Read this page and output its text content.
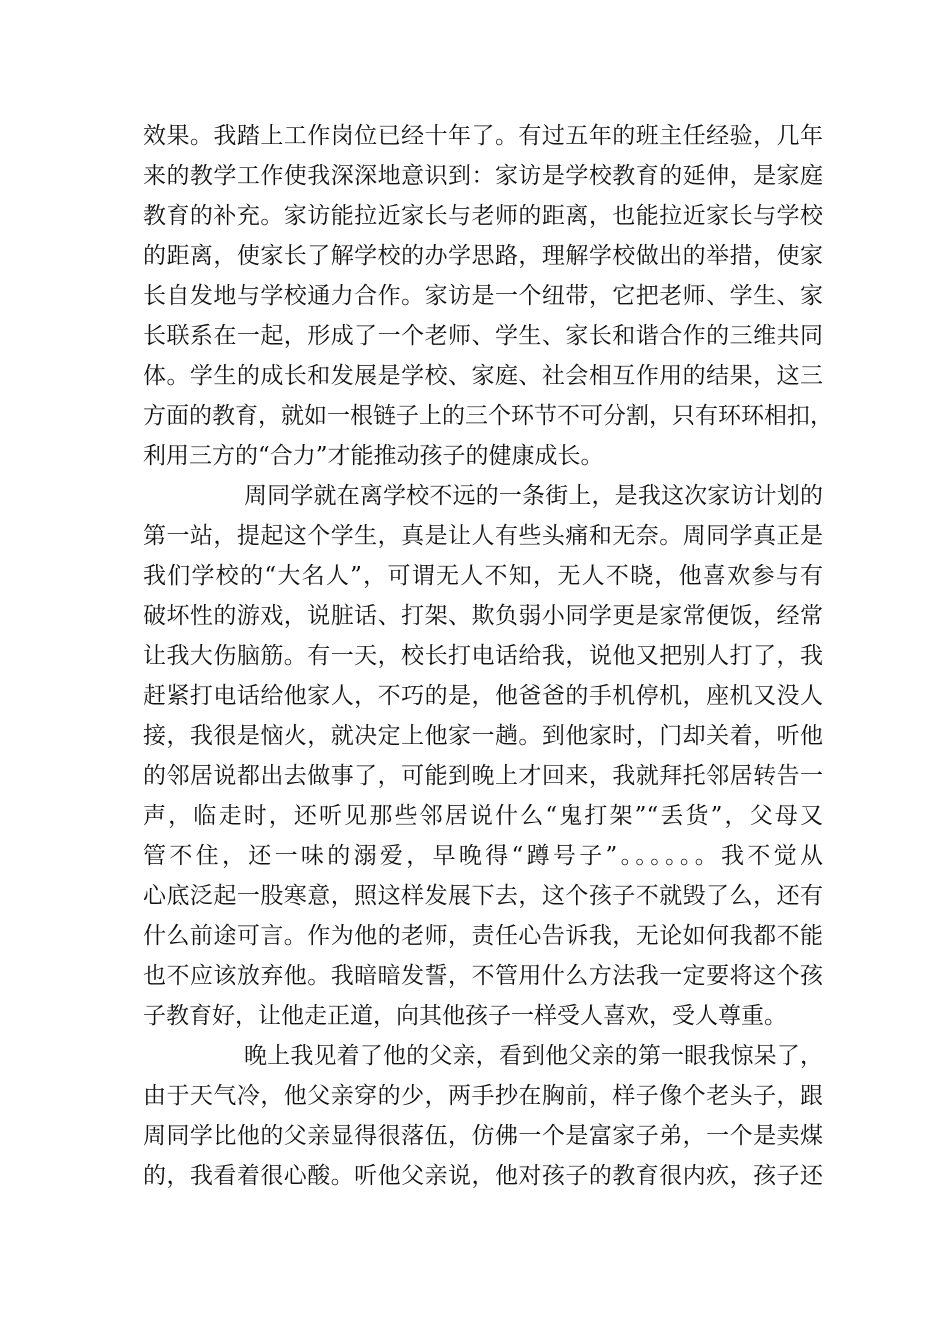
效果。我踏上工作岗位已经十年了。有过五年的班主任经验，几年
来的教学工作使我深深地意识到：家访是学校教育的延伸，是家庭
教育的补充。家访能拉近家长与老师的距离，也能拉近家长与学校
的距离，使家长了解学校的办学思路，理解学校做出的举措，使家
长自发地与学校通力合作。家访是一个纽带，它把老师、学生、家
长联系在一起，形成了一个老师、学生、家长和谐合作的三维共同
体。学生的成长和发展是学校、家庭、社会相互作用的结果，这三
方面的教育，就如一根链子上的三个环节不可分割，只有环环相扣，
利用三方的“合力”才能推动孩子的健康成长。
周同学就在离学校不远的一条街上，是我这次家访计划的
第一站，提起这个学生，真是让人有些头痛和无奈。周同学真正是
我们学校的“大名人”，可谓无人不知，无人不晓，他喜欢参与有
破坏性的游戏，说脏话、打架、欺负弱小同学更是家常便饭，经常
让我大伤脑筋。有一天，校长打电话给我，说他又把别人打了，我
赶紧打电话给他家人，不巧的是，他爸爸的手机停机，座机又没人
接，我很是恼火，就决定上他家一趟。到他家时，门却关着，听他
的邻居说都出去做事了，可能到晚上才回来，我就拜托邻居转告一
声，临走时，还听见那些邻居说什么“鬼打架”“丢货”，父母又
管不住，还一味的溺爱，早晚得“蹲号子”。。。。。。我不觉从
心底泛起一股寒意，照这样发展下去，这个孩子不就毁了么，还有
什么前途可言。作为他的老师，责任心告诉我，无论如何我都不能
也不应该放弃他。我暗暗发誓，不管用什么方法我一定要将这个孩
子教育好，让他走正道，向其他孩子一样受人喜欢，受人尊重。
晚上我见着了他的父亲，看到他父亲的第一眼我惊呆了，
由于天气冷，他父亲穿的少，两手抄在胸前，样子像个老头子，跟
周同学比他的父亲显得很落伍，仿佛一个是富家子弟，一个是卖煤
的，我看着很心酸。听他父亲说，他对孩子的教育很内疚，孩子还
